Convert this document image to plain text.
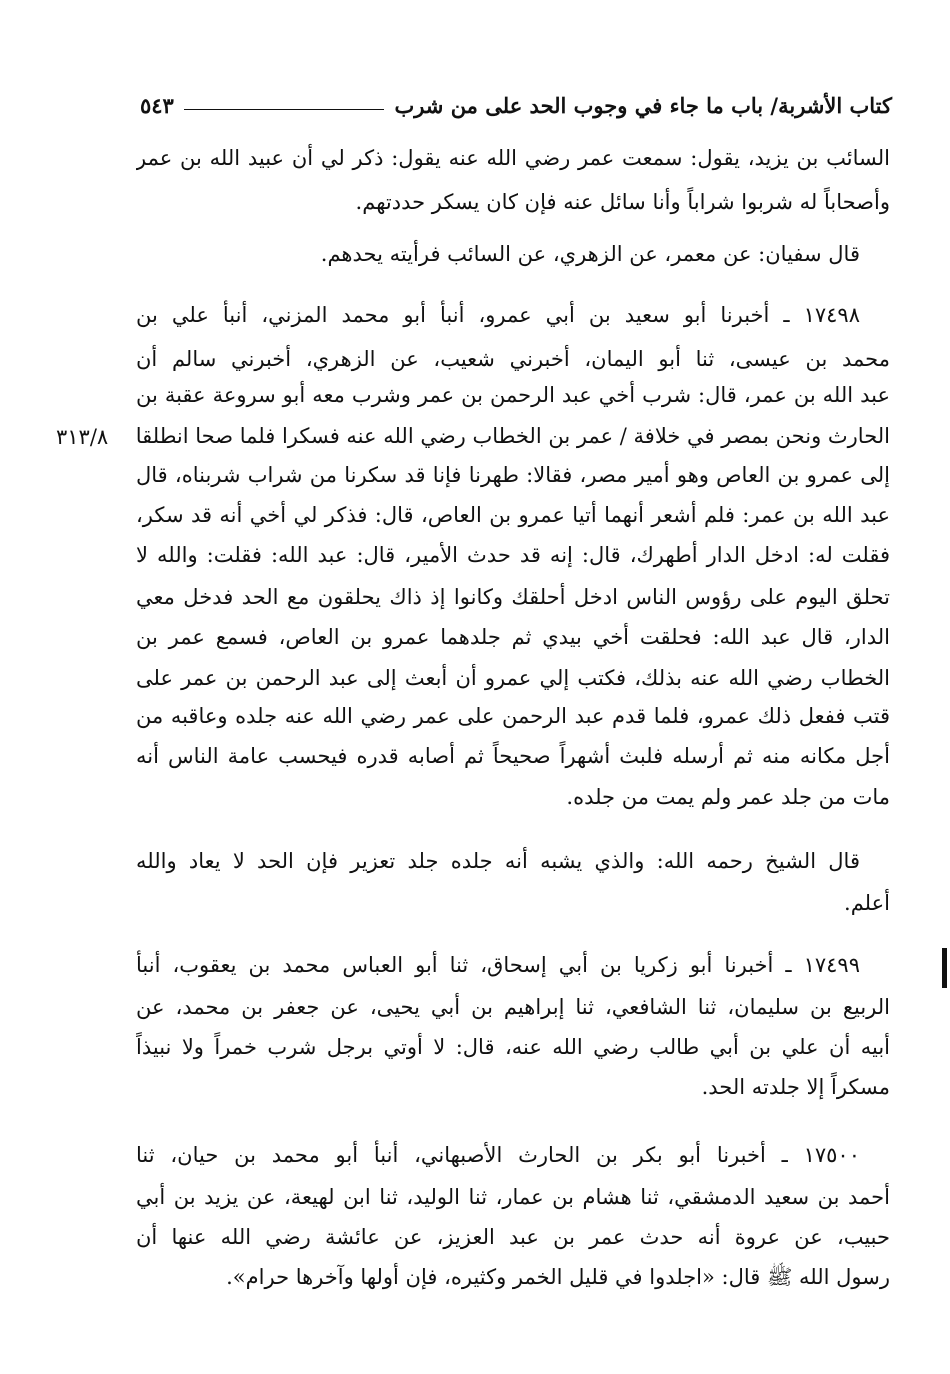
كتاب الأشربة/ باب ما جاء في وجوب الحد على من شرب
٥٤٣
٣١٣/٨
السائب بن يزيد، يقول: سمعت عمر رضي الله عنه يقول: ذكر لي أن عبيد الله بن عمر
وأصحاباً له شربوا شراباً وأنا سائل عنه فإن كان يسكر حددتهم.
قال سفيان: عن معمر، عن الزهري، عن السائب فرأيته يحدهم.
١٧٤٩٨ ـ أخبرنا أبو سعيد بن أبي عمرو، أنبأ أبو محمد المزني، أنبأ علي بن
محمد بن عيسى، ثنا أبو اليمان، أخبرني شعيب، عن الزهري، أخبرني سالم أن
عبد الله بن عمر، قال: شرب أخي عبد الرحمن بن عمر وشرب معه أبو سروعة عقبة بن
الحارث ونحن بمصر في خلافة / عمر بن الخطاب رضي الله عنه فسكرا فلما صحا انطلقا
إلى عمرو بن العاص وهو أمير مصر، فقالا: طهرنا فإنا قد سكرنا من شراب شربناه، قال
عبد الله بن عمر: فلم أشعر أنهما أتيا عمرو بن العاص، قال: فذكر لي أخي أنه قد سكر،
فقلت له: ادخل الدار أطهرك، قال: إنه قد حدث الأمير، قال: عبد الله: فقلت: والله لا
تحلق اليوم على رؤوس الناس ادخل أحلقك وكانوا إذ ذاك يحلقون مع الحد فدخل معي
الدار، قال عبد الله: فحلقت أخي بيدي ثم جلدهما عمرو بن العاص، فسمع عمر بن
الخطاب رضي الله عنه بذلك، فكتب إلي عمرو أن أبعث إلى عبد الرحمن بن عمر على
قتب ففعل ذلك عمرو، فلما قدم عبد الرحمن على عمر رضي الله عنه جلده وعاقبه من
أجل مكانه منه ثم أرسله فلبث أشهراً صحيحاً ثم أصابه قدره فيحسب عامة الناس أنه
مات من جلد عمر ولم يمت من جلده.
قال الشيخ رحمه الله: والذي يشبه أنه جلده جلد تعزير فإن الحد لا يعاد والله
أعلم.
١٧٤٩٩ ـ أخبرنا أبو زكريا بن أبي إسحاق، ثنا أبو العباس محمد بن يعقوب، أنبأ
الربيع بن سليمان، ثنا الشافعي، ثنا إبراهيم بن أبي يحيى، عن جعفر بن محمد، عن
أبيه أن علي بن أبي طالب رضي الله عنه، قال: لا أوتي برجل شرب خمراً ولا نبيذاً
مسكراً إلا جلدته الحد.
١٧٥٠٠ ـ أخبرنا أبو بكر بن الحارث الأصبهاني، أنبأ أبو محمد بن حيان، ثنا
أحمد بن سعيد الدمشقي، ثنا هشام بن عمار، ثنا الوليد، ثنا ابن لهيعة، عن يزيد بن أبي
حبيب، عن عروة أنه حدث عمر بن عبد العزيز، عن عائشة رضي الله عنها أن
رسول الله ﷺ قال: «اجلدوا في قليل الخمر وكثيره، فإن أولها وآخرها حرام».
